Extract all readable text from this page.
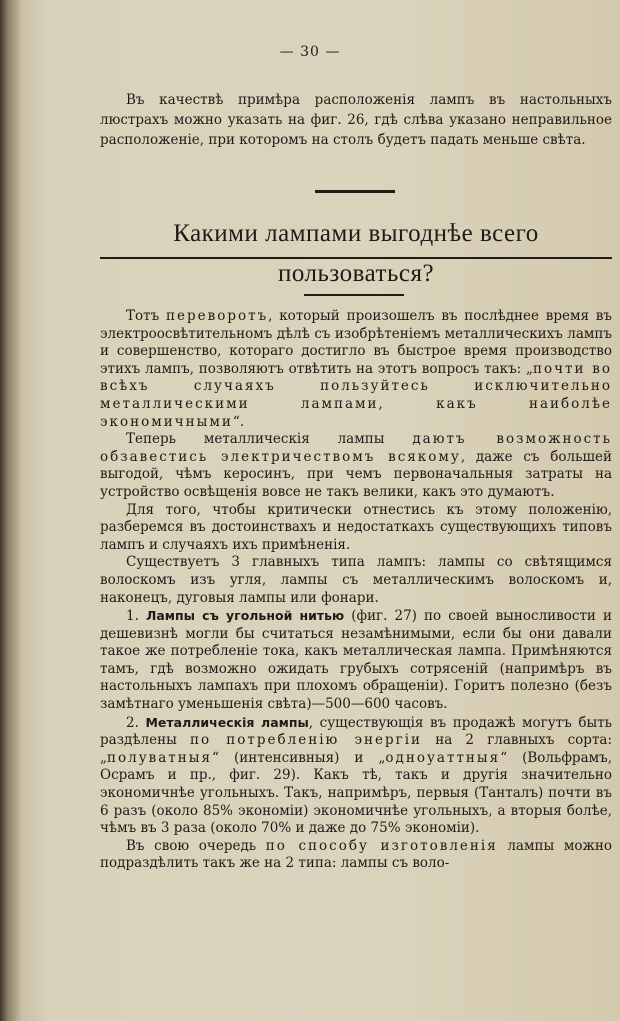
— 30 —
Въ качествѣ примѣра расположенія лампъ въ настольныхъ люстрахъ можно указать на фиг. 26, гдѣ слѣва указано неправильное расположеніе, при которомъ на столъ будетъ падать меньше свѣта.
Какими лампами выгоднѣе всего пользоваться?

Тотъ переворотъ, который произошелъ въ послѣднее время въ электроосвѣтительномъ дѣлѣ съ изобрѣтеніемъ металлическихъ лампъ и совершенство, котораго достигло въ быстрое время производство этихъ лампъ, позволяютъ отвѣтить на этотъ вопросъ такъ: „почти во всѣхъ случаяхъ пользуйтесь исключительно металлическими лампами, какъ наиболѣе экономичными“.

Теперь металлическія лампы даютъ возможность обзавестись электричествомъ всякому, даже съ большей выгодой, чѣмъ керосинъ, при чемъ первоначальныя затраты на устройство освѣщенія вовсе не такъ велики, какъ это думаютъ.

Для того, чтобы критически отнестись къ этому положенію, разберемся въ достоинствахъ и недостаткахъ существующихъ типовъ лампъ и случаяхъ ихъ примѣненія.

Существуетъ 3 главныхъ типа лампъ: лампы со свѣтящимся волоскомъ изъ угля, лампы съ металлическимъ волоскомъ и, наконецъ, дуговыя лампы или фонари.

1. Лампы съ угольной нитью (фиг. 27) по своей выносливости и дешевизнѣ могли бы считаться незамѣнимыми, если бы они давали такое же потребленіе тока, какъ металлическая лампа. Примѣняются тамъ, гдѣ возможно ожидать грубыхъ сотрясеній (напримѣръ въ настольныхъ лампахъ при плохомъ обращеніи). Горитъ полезно (безъ замѣтнаго уменьшенія свѣта)—500—600 часовъ.

2. Металлическія лампы, существующія въ продажѣ могутъ быть раздѣлены по потребленію энергіи на 2 главныхъ сорта: „полуватныя“ (интенсивныя) и „одноуаттныя“ (Вольфрамъ, Осрамъ и пр., фиг. 29). Какъ тѣ, такъ и другія значительно экономичнѣе угольныхъ. Такъ, напримѣръ, первыя (Танталъ) почти въ 6 разъ (около 85% экономіи) экономичнѣе угольныхъ, а вторыя болѣе, чѣмъ въ 3 раза (около 70% и даже до 75% экономіи).

Въ свою очередь по способу изготовленія лампы можно подраздѣлить такъ же на 2 типа: лампы съ воло-
